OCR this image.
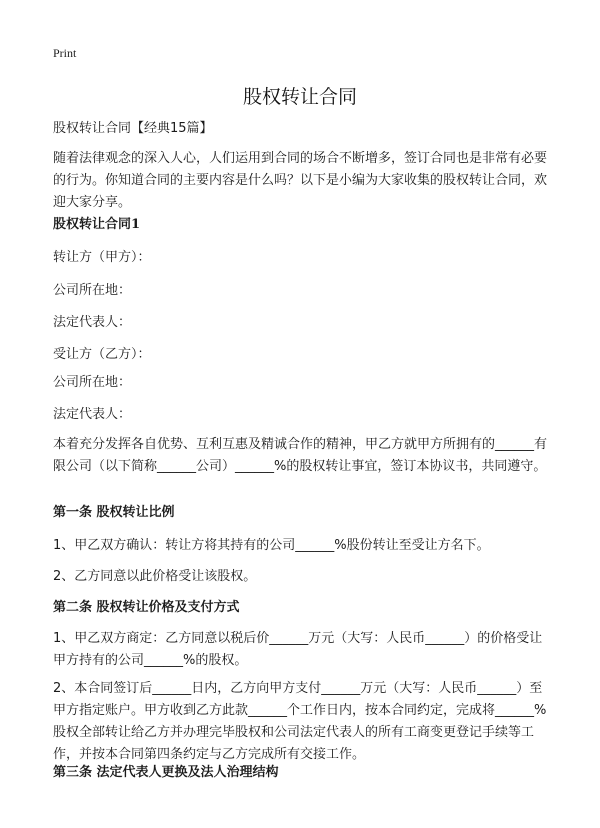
Print
股权转让合同

股权转让合同【经典15篇】

随着法律观念的深入人心，人们运用到合同的场合不断增多，签订合同也是非常有必要的行为。你知道合同的主要内容是什么吗？以下是小编为大家收集的股权转让合同，欢迎大家分享。

股权转让合同1

转让方（甲方）：

公司所在地：

法定代表人：

受让方（乙方）：

公司所在地：

法定代表人：

本着充分发挥各自优势、互利互惠及精诚合作的精神，甲乙方就甲方所拥有的______有限公司（以下简称______公司）______%的股权转让事宜，签订本协议书，共同遵守。

第一条 股权转让比例

1、甲乙双方确认：转让方将其持有的公司______%股份转让至受让方名下。

2、乙方同意以此价格受让该股权。

第二条 股权转让价格及支付方式

1、甲乙双方商定：乙方同意以税后价______万元（大写：人民币______）的价格受让甲方持有的公司______%的股权。

2、本合同签订后______日内，乙方向甲方支付______万元（大写：人民币______）至甲方指定账户。甲方收到乙方此款______个工作日内，按本合同约定，完成将______%股权全部转让给乙方并办理完毕股权和公司法定代表人的所有工商变更登记手续等工作，并按本合同第四条约定与乙方完成所有交接工作。

第三条 法定代表人更换及法人治理结构
